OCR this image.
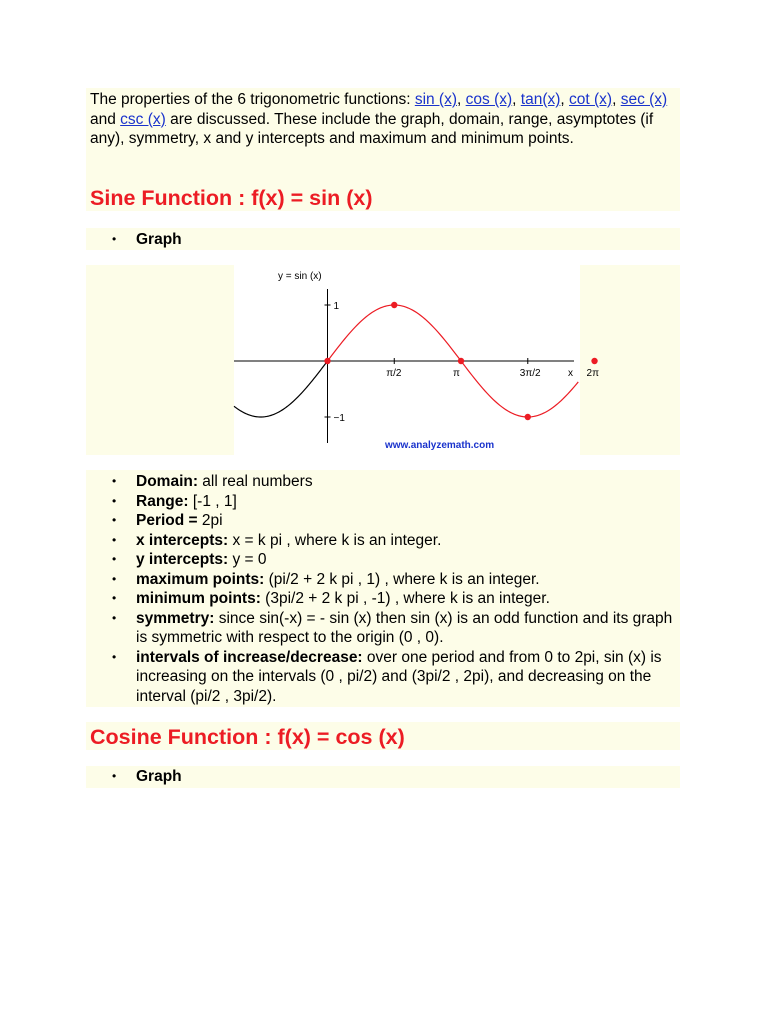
The properties of the 6 trigonometric functions: sin (x), cos (x), tan(x), cot (x), sec (x) and csc (x) are discussed. These include the graph, domain, range, asymptotes (if any), symmetry, x and y intercepts and maximum and minimum points.
Sine Function : f(x) = sin (x)
• Graph
y = sin (x)
x
π/2	π	3π/2	2π
1
−1
www.analyzemath.com
• Domain: all real numbers
• Range: [-1 , 1]
• Period = 2pi
• x intercepts: x = k pi , where k is an integer.
• y intercepts: y = 0
• maximum points: (pi/2 + 2 k pi , 1) , where k is an integer.
• minimum points: (3pi/2 + 2 k pi , -1) , where k is an integer.
• symmetry: since sin(-x) = - sin (x) then sin (x) is an odd function and its graph is symmetric with respect to the origin (0 , 0).
• intervals of increase/decrease: over one period and from 0 to 2pi, sin (x) is increasing on the intervals (0 , pi/2) and (3pi/2 , 2pi), and decreasing on the interval (pi/2 , 3pi/2).
Cosine Function : f(x) = cos (x)
• Graph
